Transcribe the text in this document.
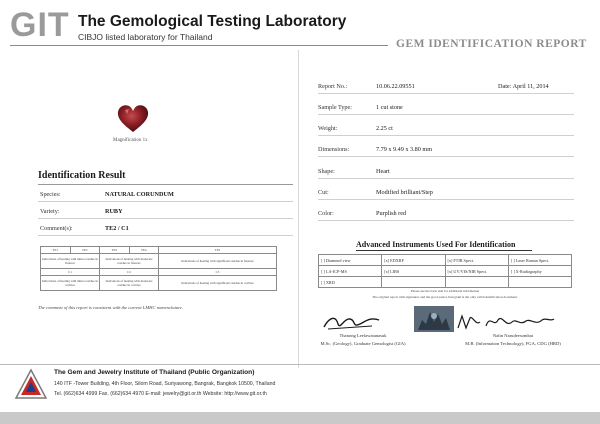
GIT The Gemological Testing Laboratory
CIBJO listed laboratory for Thailand
GEM IDENTIFICATION REPORT
Magnification 1x
Identification Result
Species:	NATURAL CORUNDUM
Variety:	RUBY
Comment(s):	TE2 / C1
TE1	TE2	TE3	TE4	TE5
Indications of heating with minor residue in fissures		Indications of heating with moderate residue in fissures		Indications of heating with significant residue in fissures
C1		C2		C3
Indications of heating with minor residue in cavities		Indications of heating with moderate residue in cavities		Indications of heating with significant residue in cavities
The comment of this report is consistent with the current LMHC nomenclature.
Report No.:	10.06.22.09551	Date: April 11, 2014
Sample Type:	1 cut stone
Weight:	2.25 ct
Dimensions:	7.79 x 9.49 x 3.80 mm
Shape:	Heart
Cut:	Modified brilliant/Step
Color:	Purplish red
Advanced Instruments Used For Identification
[ ] Diamond view	[x] EDXRF	[x] FTIR Spect.	[ ] Laser Raman Spect.
[ ] LA-ICP-MS	[x] LIBS	[x] UV/VIS/NIR Spect.	[ ] X-Radiography
[ ] XRD			
Please see the back side for additional information
The original report with signatures and the good palace hologram is the only valid identification document.
Thanong Leelawatanasuk
M.Sc. (Geology), Graduate Gemologist (GIA)
Nalin Narudeesombat
M.B. (Information Technology), FGA, CDG (HRD)
The Gem and Jewelry Institute of Thailand (Public Organization)
140 ITF -Tower Building, 4th Floor, Silom Road, Suriyawong, Bangrak, Bangkok 10500, Thailand
Tel. (662)634 4999 Fax. (662)634 4970 E-mail: jewelry@git.or.th Website: http://www.git.or.th
